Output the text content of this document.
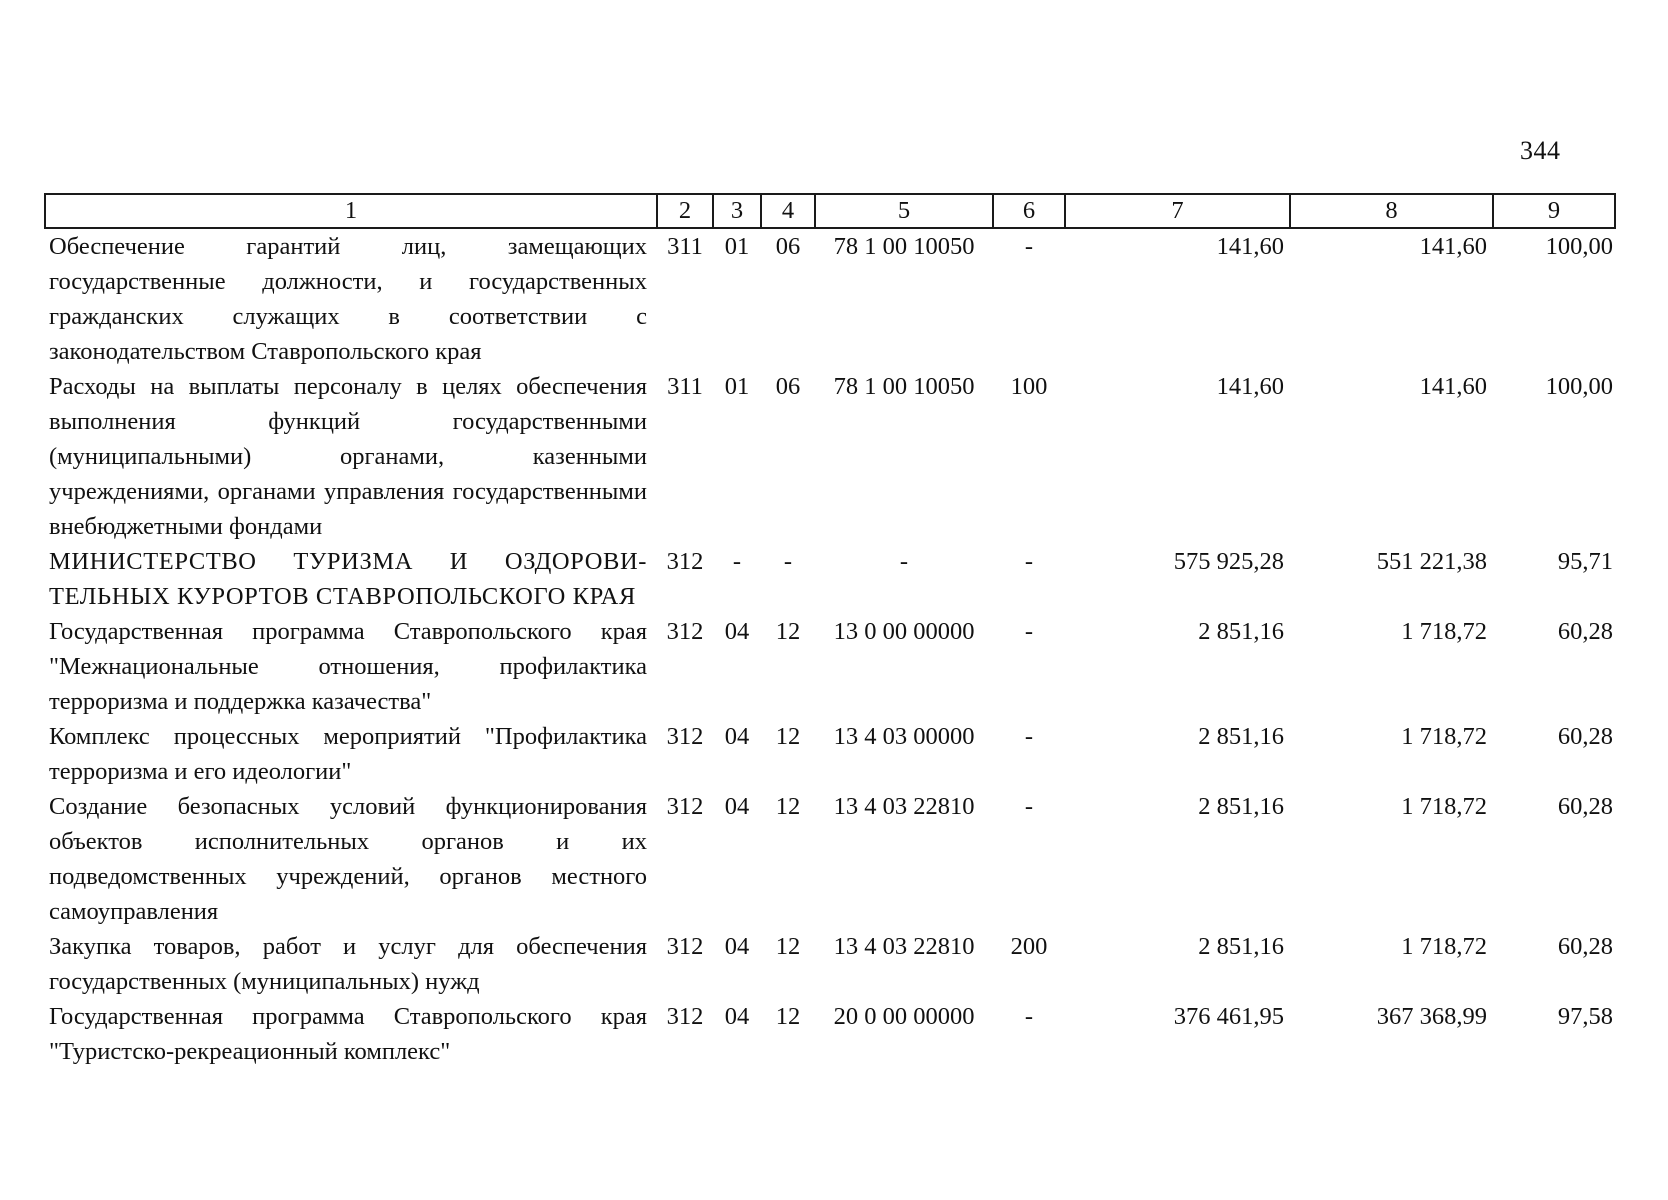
344
1	2	3	4	5	6	7	8	9
Обеспечение гарантий лиц, замещающих государственные должности, и государственных гражданских служащих в соответствии с законодательством Ставропольского края	311	01	06	78 1 00 10050	-	141,60	141,60	100,00
Расходы на выплаты персоналу в целях обеспечения выполнения функций государственными (муниципальными) органами, казенными учреждениями, органами управления государственными внебюджетными фондами	311	01	06	78 1 00 10050	100	141,60	141,60	100,00
МИНИСТЕРСТВО ТУРИЗМА И ОЗДОРОВИ-ТЕЛЬНЫХ КУРОРТОВ СТАВРОПОЛЬСКОГО КРАЯ	312	-	-	-	-	575 925,28	551 221,38	95,71
Государственная программа Ставропольского края "Межнациональные отношения, профилактика терроризма и поддержка казачества"	312	04	12	13 0 00 00000	-	2 851,16	1 718,72	60,28
Комплекс процессных мероприятий "Профилактика терроризма и его идеологии"	312	04	12	13 4 03 00000	-	2 851,16	1 718,72	60,28
Создание безопасных условий функционирования объектов исполнительных органов и их подведомственных учреждений, органов местного самоуправления	312	04	12	13 4 03 22810	-	2 851,16	1 718,72	60,28
Закупка товаров, работ и услуг для обеспечения государственных (муниципальных) нужд	312	04	12	13 4 03 22810	200	2 851,16	1 718,72	60,28
Государственная программа Ставропольского края "Туристско-рекреационный комплекс"	312	04	12	20 0 00 00000	-	376 461,95	367 368,99	97,58
